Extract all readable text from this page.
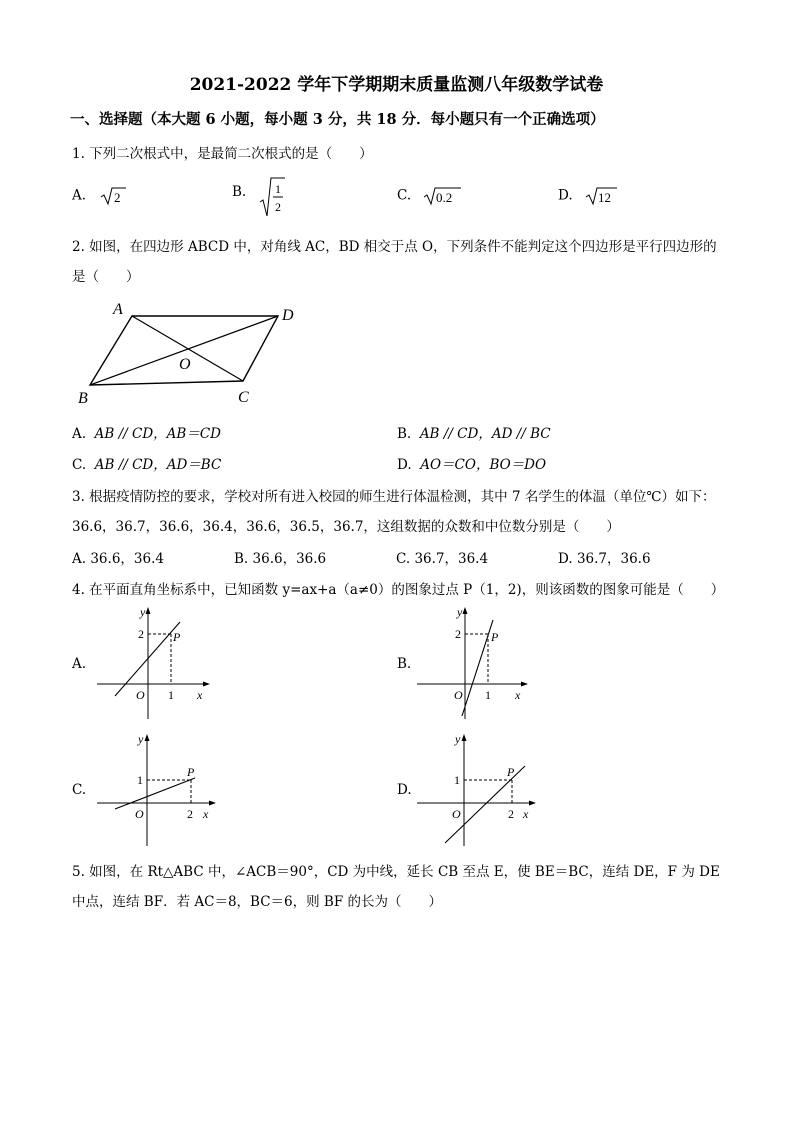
2021-2022 学年下学期期末质量监测八年级数学试卷
一、选择题（本大题 6 小题，每小题 3 分，共 18 分．每小题只有一个正确选项）
1. 下列二次根式中，是最简二次根式的是（　　）
A. 2	B. 1
2
C. 0.2	D. 12
2. 如图，在四边形 ABCD 中，对角线 AC，BD 相交于点 O，下列条件不能判定这个四边形是平行四边形的
是（　　）
A	D
B	C
O
A. AB // CD，AB＝CD	B. AB // CD，AD // BC
C. AB // CD，AD＝BC	D. AO＝CO，BO＝DO
3. 根据疫情防控的要求，学校对所有进入校园的师生进行体温检测，其中 7 名学生的体温（单位℃）如下：
36.6，36.7，36.6，36.4，36.6，36.5，36.7，这组数据的众数和中位数分别是（　　）
A. 36.6，36.4	B. 36.6，36.6	C. 36.7，36.4	D. 36.7，36.6
4. 在平面直角坐标系中，已知函数 y=ax+a（a≠0）的图象过点 P（1，2)，则该函数的图象可能是（　　）
A.
y
2 P
O 1 x
B.
y
2	P
O 1 x
C.
y
1
P
O	2 x
D.
y
1
P
O	2 x
5. 如图，在 Rt△ABC 中，∠ACB＝90°，CD 为中线，延长 CB 至点 E，使 BE＝BC，连结 DE，F 为 DE
中点，连结 BF．若 AC＝8，BC＝6，则 BF 的长为（　　）
